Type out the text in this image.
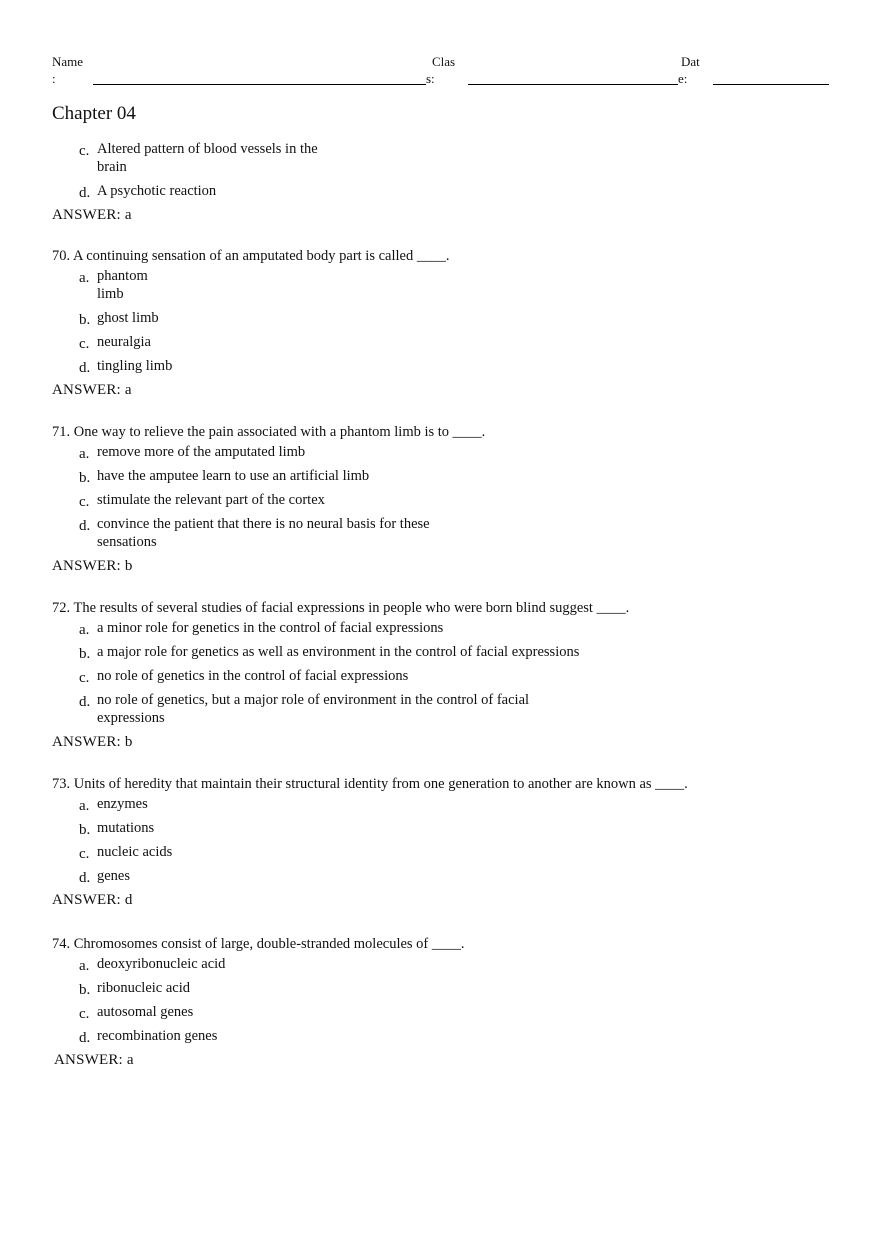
Name
:
Clas
s:
Dat
e:
Chapter 04
c. Altered pattern of blood vessels in the brain
d. A psychotic reaction
ANSWER: a
70. A continuing sensation of an amputated body part is called ____.
a. phantom limb
b. ghost limb
c. neuralgia
d. tingling limb
ANSWER: a
71. One way to relieve the pain associated with a phantom limb is to ____.
a. remove more of the amputated limb
b. have the amputee learn to use an artificial limb
c. stimulate the relevant part of the cortex
d. convince the patient that there is no neural basis for these sensations
ANSWER: b
72. The results of several studies of facial expressions in people who were born blind suggest ____.
a. a minor role for genetics in the control of facial expressions
b. a major role for genetics as well as environment in the control of facial expressions
c. no role of genetics in the control of facial expressions
d. no role of genetics, but a major role of environment in the control of facial expressions
ANSWER: b
73. Units of heredity that maintain their structural identity from one generation to another are known as ____.
a. enzymes
b. mutations
c. nucleic acids
d. genes
ANSWER: d
74. Chromosomes consist of large, double-stranded molecules of ____.
a. deoxyribonucleic acid
b. ribonucleic acid
c. autosomal genes
d. recombination genes
ANSWER: a
